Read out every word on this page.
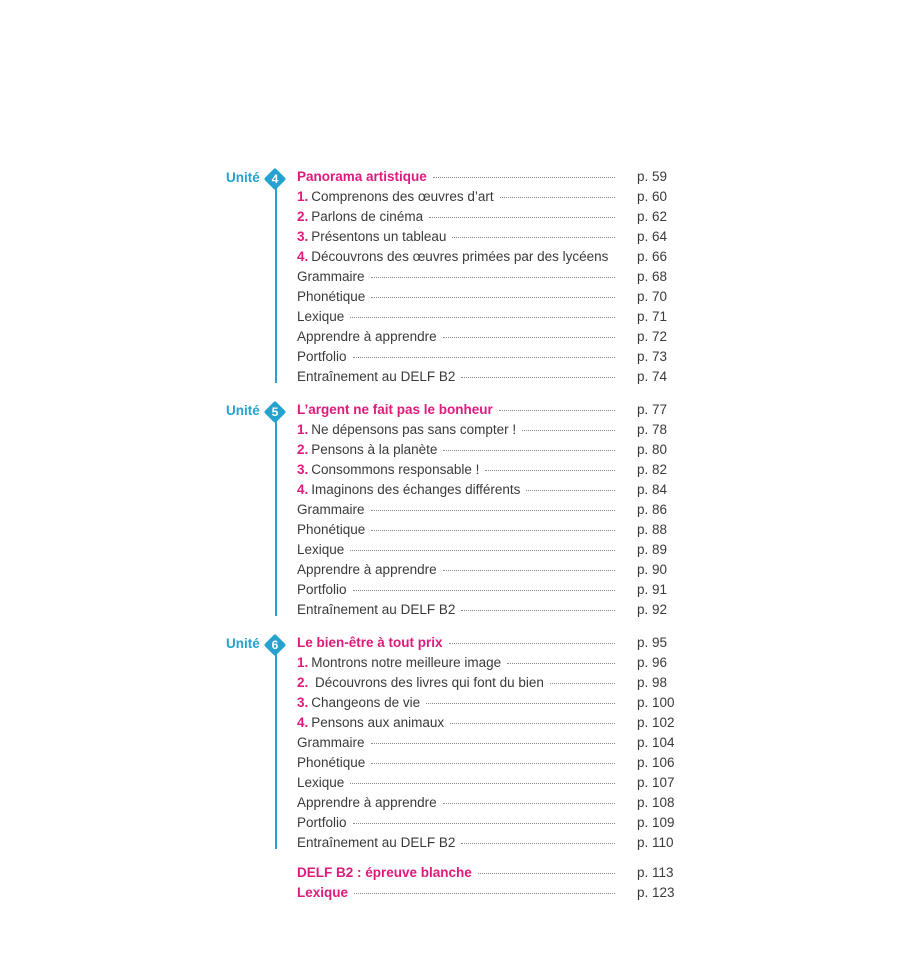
Unité 4	Panorama artistique	p. 59
1. Comprenons des œuvres d’art	p. 60
2. Parlons de cinéma	p. 62
3. Présentons un tableau	p. 64
4. Découvrons des œuvres primées par des lycéens p. 66
Grammaire	p. 68
Phonétique	p. 70
Lexique	p. 71
Apprendre à apprendre	p. 72
Portfolio	p. 73
Entraînement au DELF B2	p. 74
Unité 5	L’argent ne fait pas le bonheur	p. 77
1. Ne dépensons pas sans compter !	p. 78
2. Pensons à la planète	p. 80
3. Consommons responsable !	p. 82
4. Imaginons des échanges différents	p. 84
Grammaire	p. 86
Phonétique	p. 88
Lexique	p. 89
Apprendre à apprendre	p. 90
Portfolio	p. 91
Entraînement au DELF B2	p. 92
Unité 6	Le bien-être à tout prix	p. 95
1. Montrons notre meilleure image	p. 96
2. Découvrons des livres qui font du bien	p. 98
3. Changeons de vie	p. 100
4. Pensons aux animaux	p. 102
Grammaire	p. 104
Phonétique	p. 106
Lexique	p. 107
Apprendre à apprendre	p. 108
Portfolio	p. 109
Entraînement au DELF B2	p. 110
DELF B2 : épreuve blanche	p. 113
Lexique	p. 123
